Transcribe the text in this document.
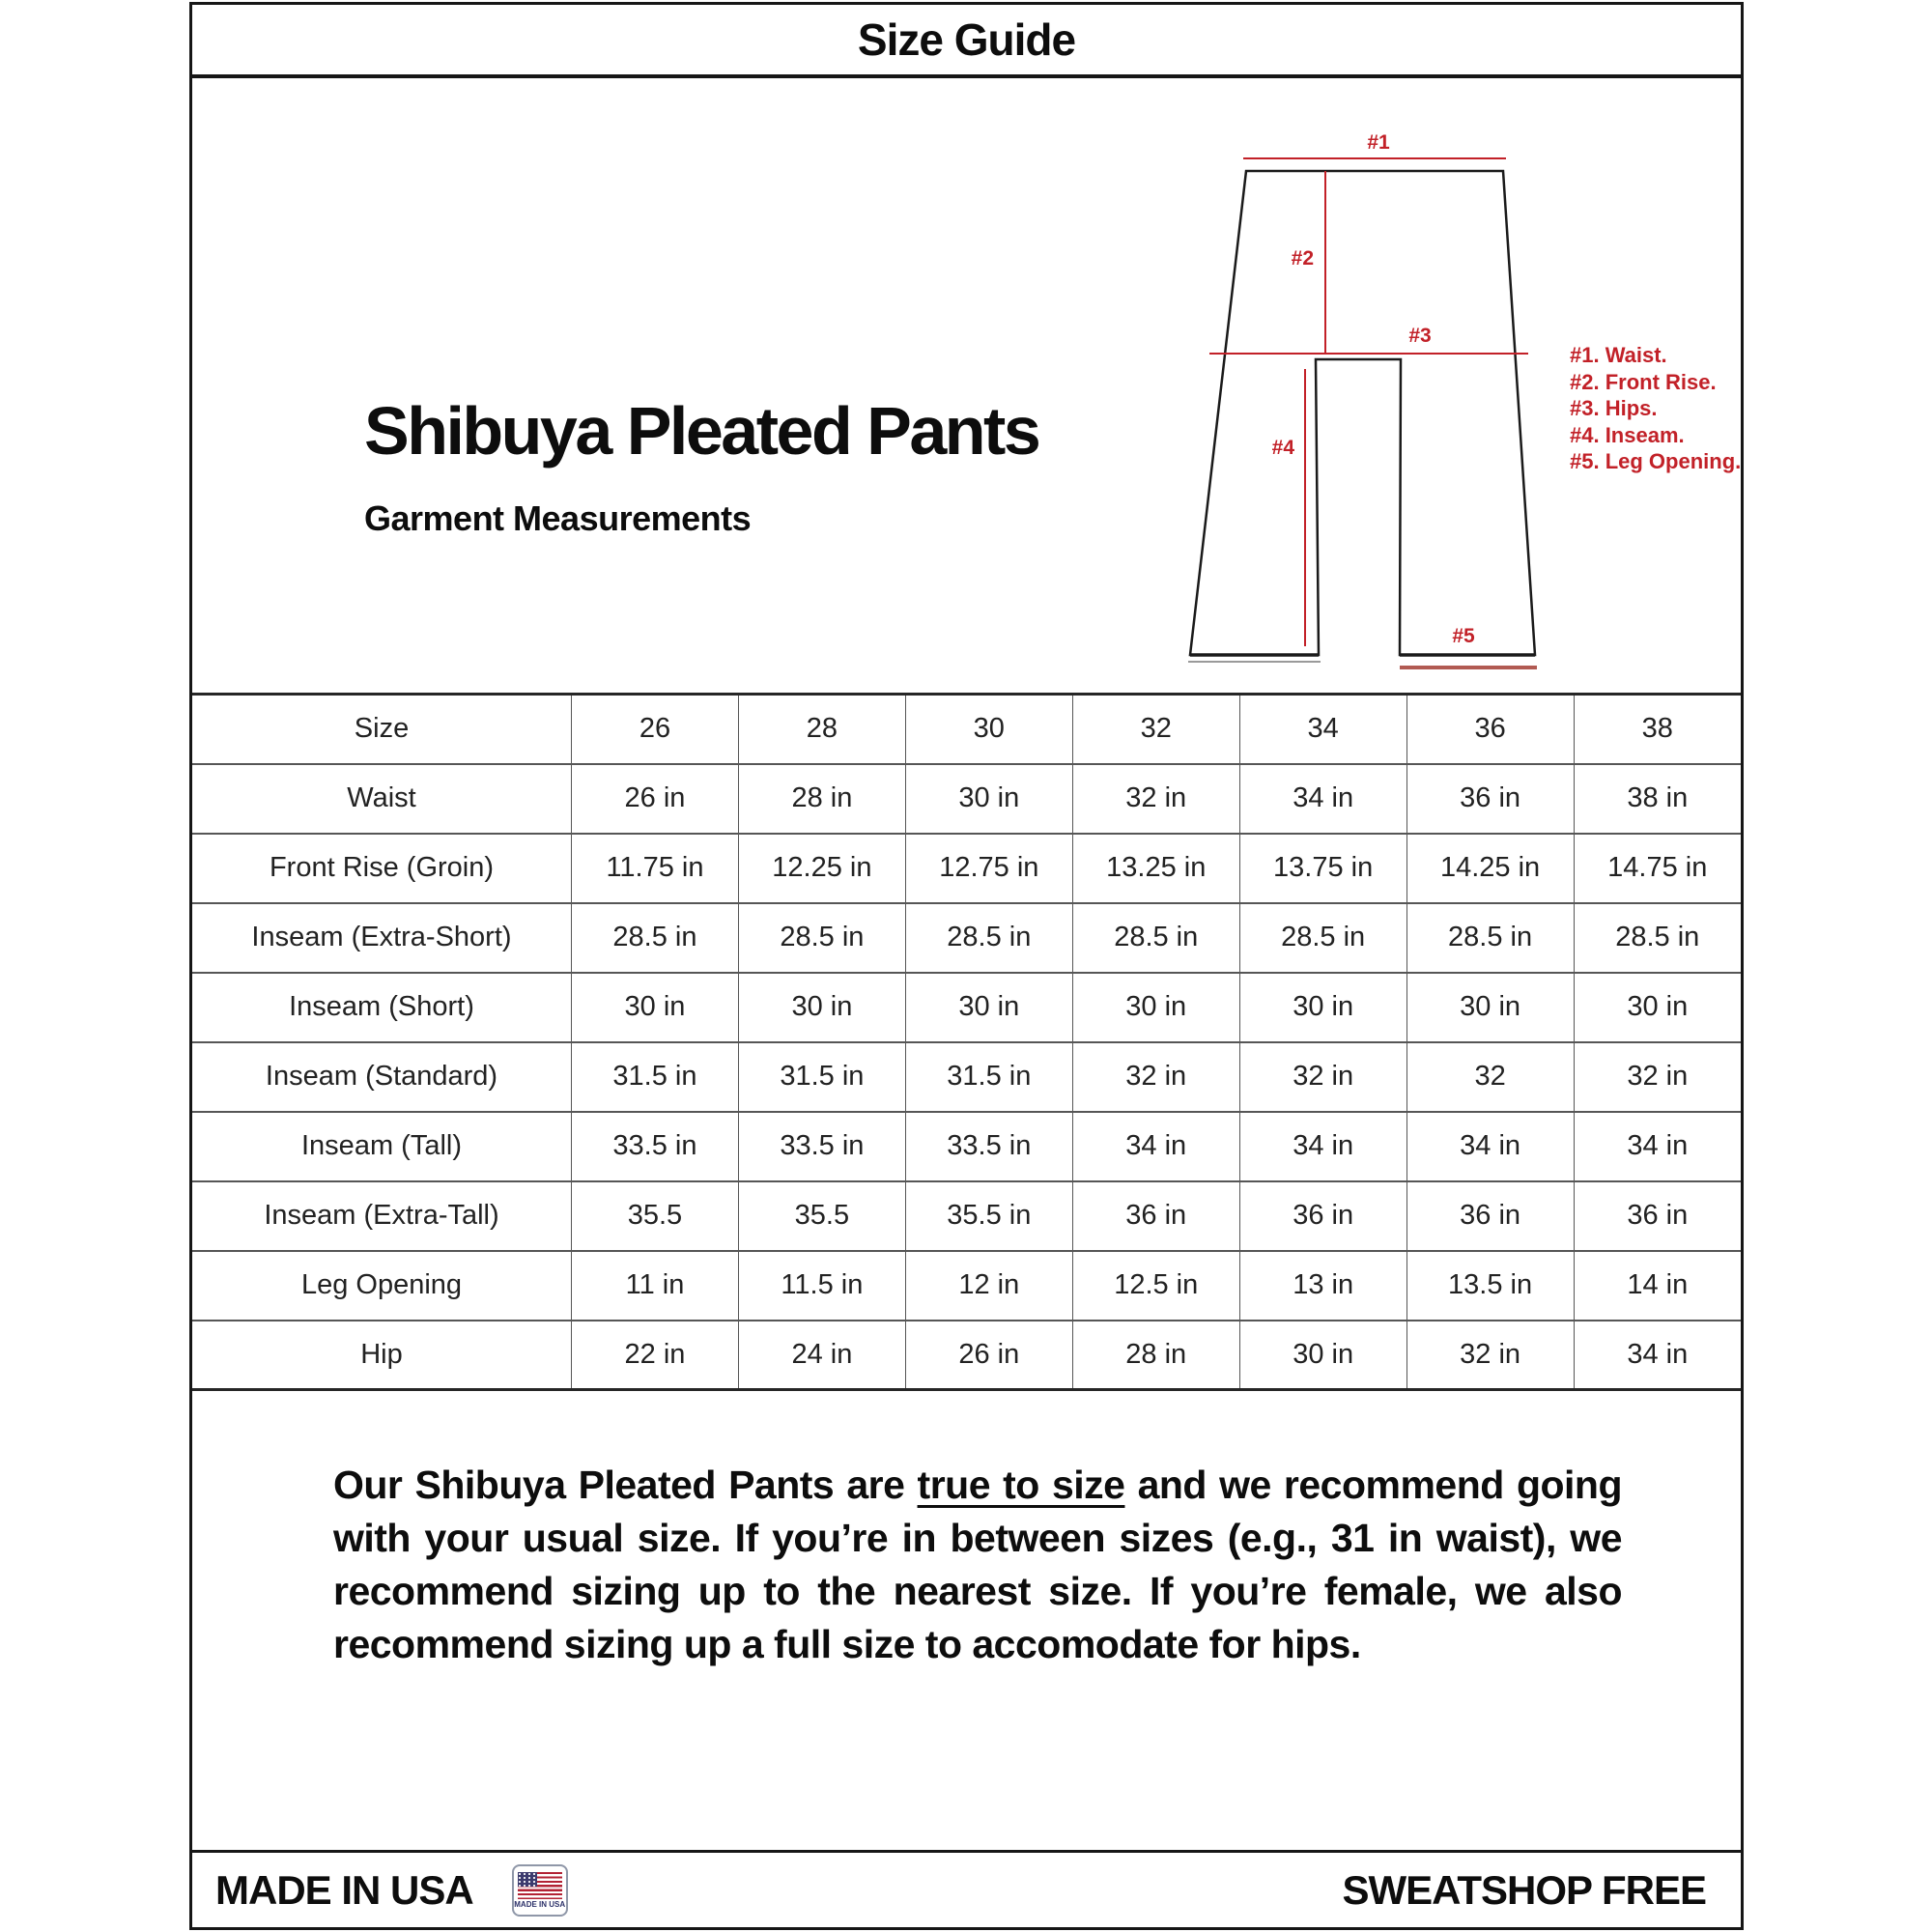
Size Guide
Shibuya Pleated Pants
Garment Measurements
#1
#2
#3
#4
#5
#1. Waist.
#2. Front Rise.
#3. Hips.
#4. Inseam.
#5. Leg Opening.
Size	26	28	30	32	34	36	38
Waist	26 in	28 in	30 in	32 in	34 in	36 in	38 in
Front Rise (Groin)	11.75 in	12.25 in	12.75 in	13.25 in	13.75 in	14.25 in	14.75 in
Inseam (Extra-Short)	28.5 in	28.5 in	28.5 in	28.5 in	28.5 in	28.5 in	28.5 in
Inseam (Short)	30 in	30 in	30 in	30 in	30 in	30 in	30 in
Inseam (Standard)	31.5 in	31.5 in	31.5 in	32 in	32 in	32	32 in
Inseam (Tall)	33.5 in	33.5 in	33.5 in	34 in	34 in	34 in	34 in
Inseam (Extra-Tall)	35.5	35.5	35.5 in	36 in	36 in	36 in	36 in
Leg Opening	11 in	11.5 in	12 in	12.5 in	13 in	13.5 in	14 in
Hip	22 in	24 in	26 in	28 in	30 in	32 in	34 in

Our Shibuya Pleated Pants are true to size and we recommend going with your usual size. If you’re in between sizes (e.g., 31 in waist), we recommend sizing up to the nearest size. If you’re female, we also recommend sizing up a full size to accomodate for hips.

MADE IN USA	MADE IN USA	SWEATSHOP FREE
